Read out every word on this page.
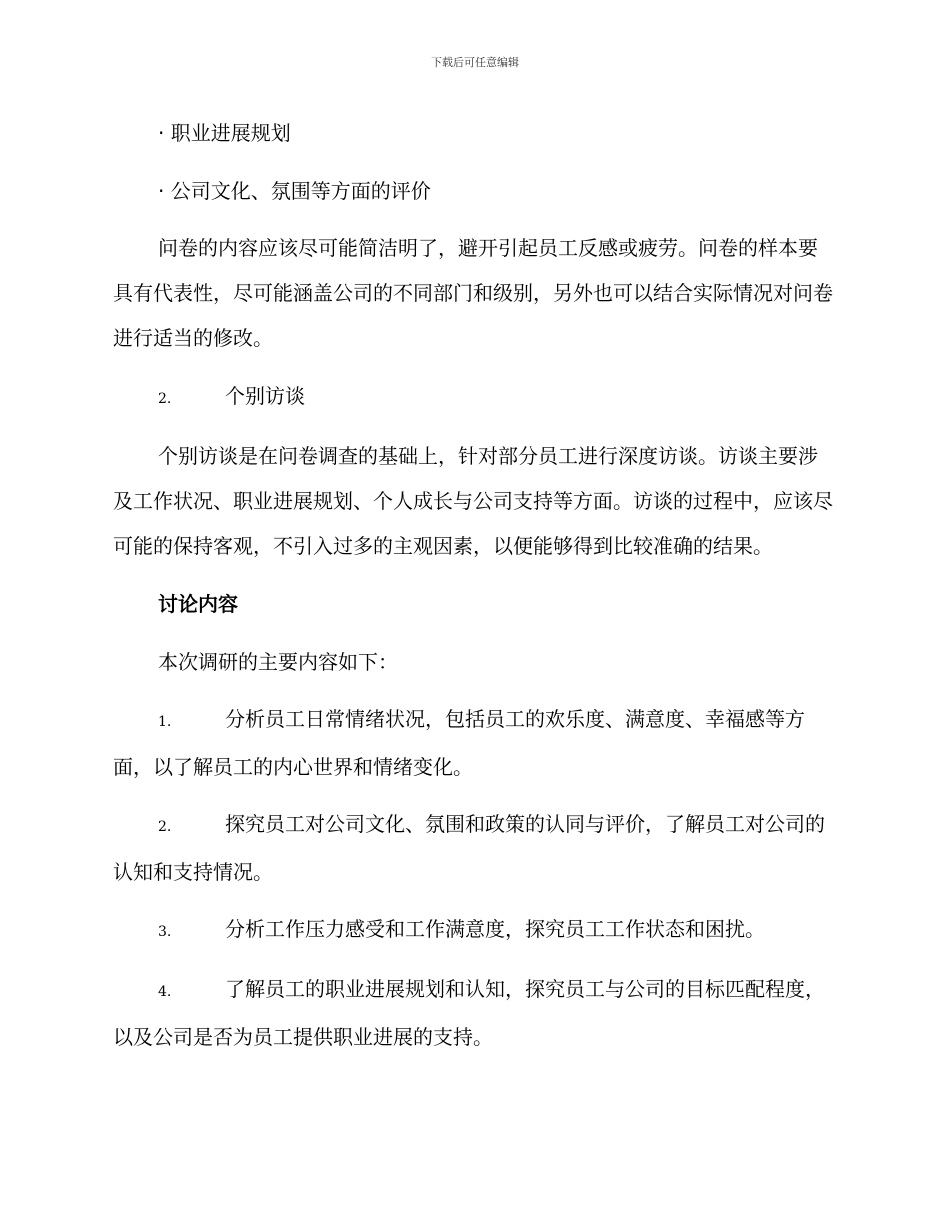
下载后可任意编辑
· 职业进展规划
· 公司文化、氛围等方面的评价

问卷的内容应该尽可能简洁明了，避开引起员工反感或疲劳。问卷的样本要具有代表性，尽可能涵盖公司的不同部门和级别，另外也可以结合实际情况对问卷进行适当的修改。

2.	个别访谈

个别访谈是在问卷调查的基础上，针对部分员工进行深度访谈。访谈主要涉及工作状况、职业进展规划、个人成长与公司支持等方面。访谈的过程中，应该尽可能的保持客观，不引入过多的主观因素，以便能够得到比较准确的结果。

讨论内容
本次调研的主要内容如下：

1.	分析员工日常情绪状况，包括员工的欢乐度、满意度、幸福感等方面，以了解员工的内心世界和情绪变化。

2.	探究员工对公司文化、氛围和政策的认同与评价，了解员工对公司的认知和支持情况。

3.	分析工作压力感受和工作满意度，探究员工工作状态和困扰。

4.	了解员工的职业进展规划和认知，探究员工与公司的目标匹配程度，以及公司是否为员工提供职业进展的支持。
